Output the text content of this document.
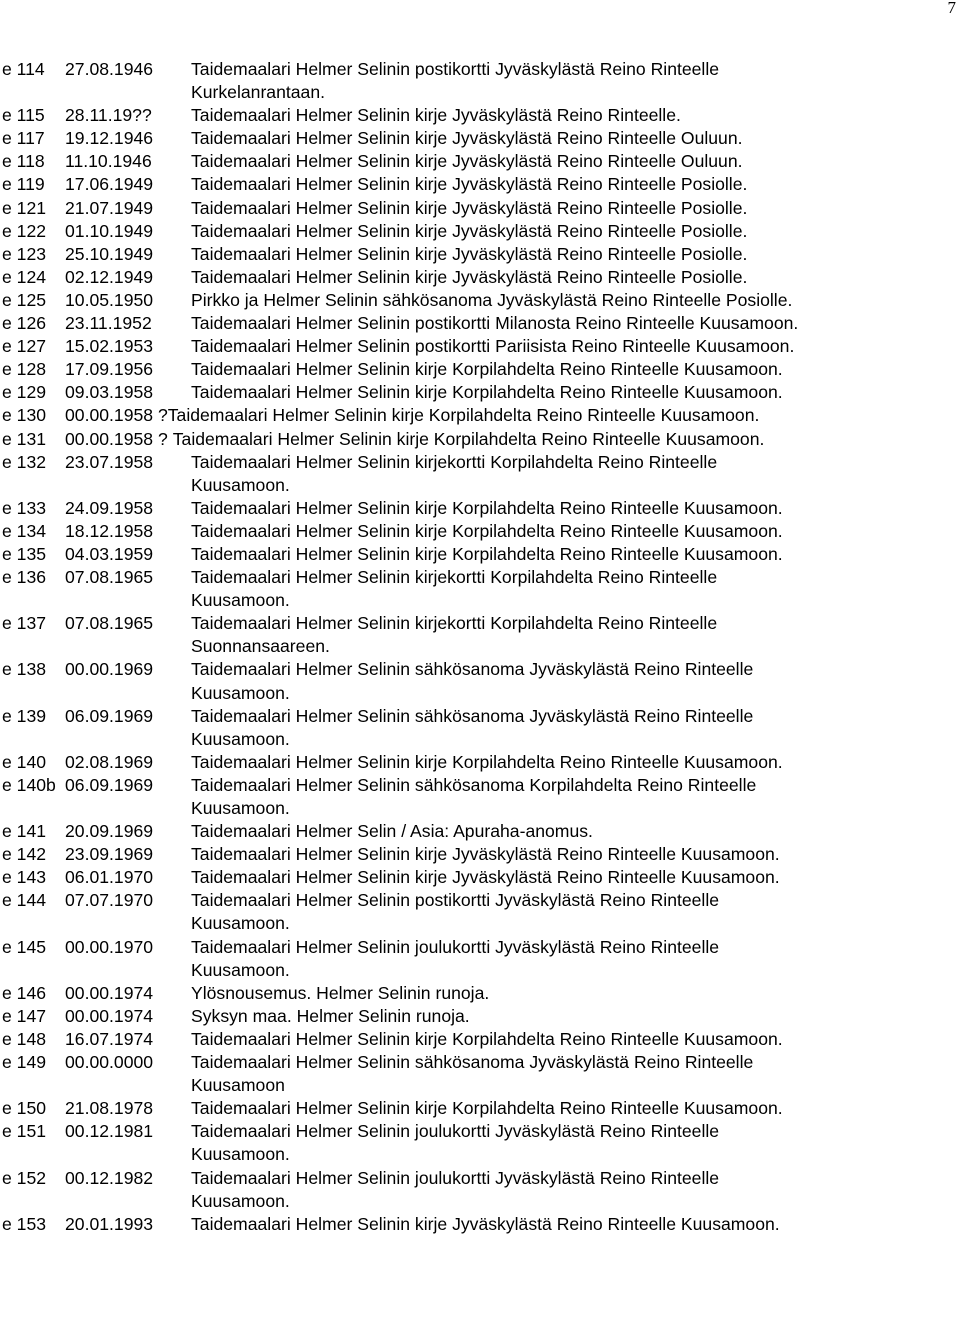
7
e 114	27.08.1946	Taidemaalari Helmer Selinin postikortti Jyväskylästä Reino Rinteelle
Kurkelanrantaan.
e 115	28.11.19??	Taidemaalari Helmer Selinin kirje Jyväskylästä Reino Rinteelle.
e 117	19.12.1946	Taidemaalari Helmer Selinin kirje Jyväskylästä Reino Rinteelle Ouluun.
e 118	11.10.1946	Taidemaalari Helmer Selinin kirje Jyväskylästä Reino Rinteelle Ouluun.
e 119	17.06.1949	Taidemaalari Helmer Selinin kirje Jyväskylästä Reino Rinteelle Posiolle.
e 121	21.07.1949	Taidemaalari Helmer Selinin kirje Jyväskylästä Reino Rinteelle Posiolle.
e 122	01.10.1949	Taidemaalari Helmer Selinin kirje Jyväskylästä Reino Rinteelle Posiolle.
e 123	25.10.1949	Taidemaalari Helmer Selinin kirje Jyväskylästä Reino Rinteelle Posiolle.
e 124	02.12.1949	Taidemaalari Helmer Selinin kirje Jyväskylästä Reino Rinteelle Posiolle.
e 125	10.05.1950	Pirkko ja Helmer Selinin sähkösanoma Jyväskylästä Reino Rinteelle Posiolle.
e 126	23.11.1952	Taidemaalari Helmer Selinin postikortti Milanosta Reino Rinteelle Kuusamoon.
e 127	15.02.1953	Taidemaalari Helmer Selinin postikortti Pariisista Reino Rinteelle Kuusamoon.
e 128	17.09.1956	Taidemaalari Helmer Selinin kirje Korpilahdelta Reino Rinteelle Kuusamoon.
e 129	09.03.1958	Taidemaalari Helmer Selinin kirje Korpilahdelta Reino Rinteelle Kuusamoon.
e 130	00.00.1958 ? Taidemaalari Helmer Selinin kirje Korpilahdelta Reino Rinteelle Kuusamoon.
e 131	00.00.1958 ? Taidemaalari Helmer Selinin kirje Korpilahdelta Reino Rinteelle Kuusamoon.
e 132	23.07.1958	Taidemaalari Helmer Selinin kirjekortti Korpilahdelta Reino Rinteelle
Kuusamoon.
e 133	24.09.1958	Taidemaalari Helmer Selinin kirje Korpilahdelta Reino Rinteelle Kuusamoon.
e 134	18.12.1958	Taidemaalari Helmer Selinin kirje Korpilahdelta Reino Rinteelle Kuusamoon.
e 135	04.03.1959	Taidemaalari Helmer Selinin kirje Korpilahdelta Reino Rinteelle Kuusamoon.
e 136	07.08.1965	Taidemaalari Helmer Selinin kirjekortti Korpilahdelta Reino Rinteelle
Kuusamoon.
e 137	07.08.1965	Taidemaalari Helmer Selinin kirjekortti Korpilahdelta Reino Rinteelle
Suonnansaareen.
e 138	00.00.1969	Taidemaalari Helmer Selinin sähkösanoma Jyväskylästä Reino Rinteelle
Kuusamoon.
e 139	06.09.1969	Taidemaalari Helmer Selinin sähkösanoma Jyväskylästä Reino Rinteelle
Kuusamoon.
e 140	02.08.1969	Taidemaalari Helmer Selinin kirje Korpilahdelta Reino Rinteelle Kuusamoon.
e 140b 06.09.1969	Taidemaalari Helmer Selinin sähkösanoma Korpilahdelta Reino Rinteelle
Kuusamoon.
e 141	20.09.1969	Taidemaalari Helmer Selin / Asia: Apuraha-anomus.
e 142	23.09.1969	Taidemaalari Helmer Selinin kirje Jyväskylästä Reino Rinteelle Kuusamoon.
e 143	06.01.1970	Taidemaalari Helmer Selinin kirje Jyväskylästä Reino Rinteelle Kuusamoon.
e 144	07.07.1970	Taidemaalari Helmer Selinin postikortti Jyväskylästä Reino Rinteelle
Kuusamoon.
e 145	00.00.1970	Taidemaalari Helmer Selinin joulukortti Jyväskylästä Reino Rinteelle
Kuusamoon.
e 146	00.00.1974	Ylösnousemus. Helmer Selinin runoja.
e 147	00.00.1974	Syksyn maa. Helmer Selinin runoja.
e 148	16.07.1974	Taidemaalari Helmer Selinin kirje Korpilahdelta Reino Rinteelle Kuusamoon.
e 149	00.00.0000	Taidemaalari Helmer Selinin sähkösanoma Jyväskylästä Reino Rinteelle
Kuusamoon
e 150	21.08.1978	Taidemaalari Helmer Selinin kirje Korpilahdelta Reino Rinteelle Kuusamoon.
e 151	00.12.1981	Taidemaalari Helmer Selinin joulukortti Jyväskylästä Reino Rinteelle
Kuusamoon.
e 152	00.12.1982	Taidemaalari Helmer Selinin joulukortti Jyväskylästä Reino Rinteelle
Kuusamoon.
e 153	20.01.1993	Taidemaalari Helmer Selinin kirje Jyväskylästä Reino Rinteelle Kuusamoon.
